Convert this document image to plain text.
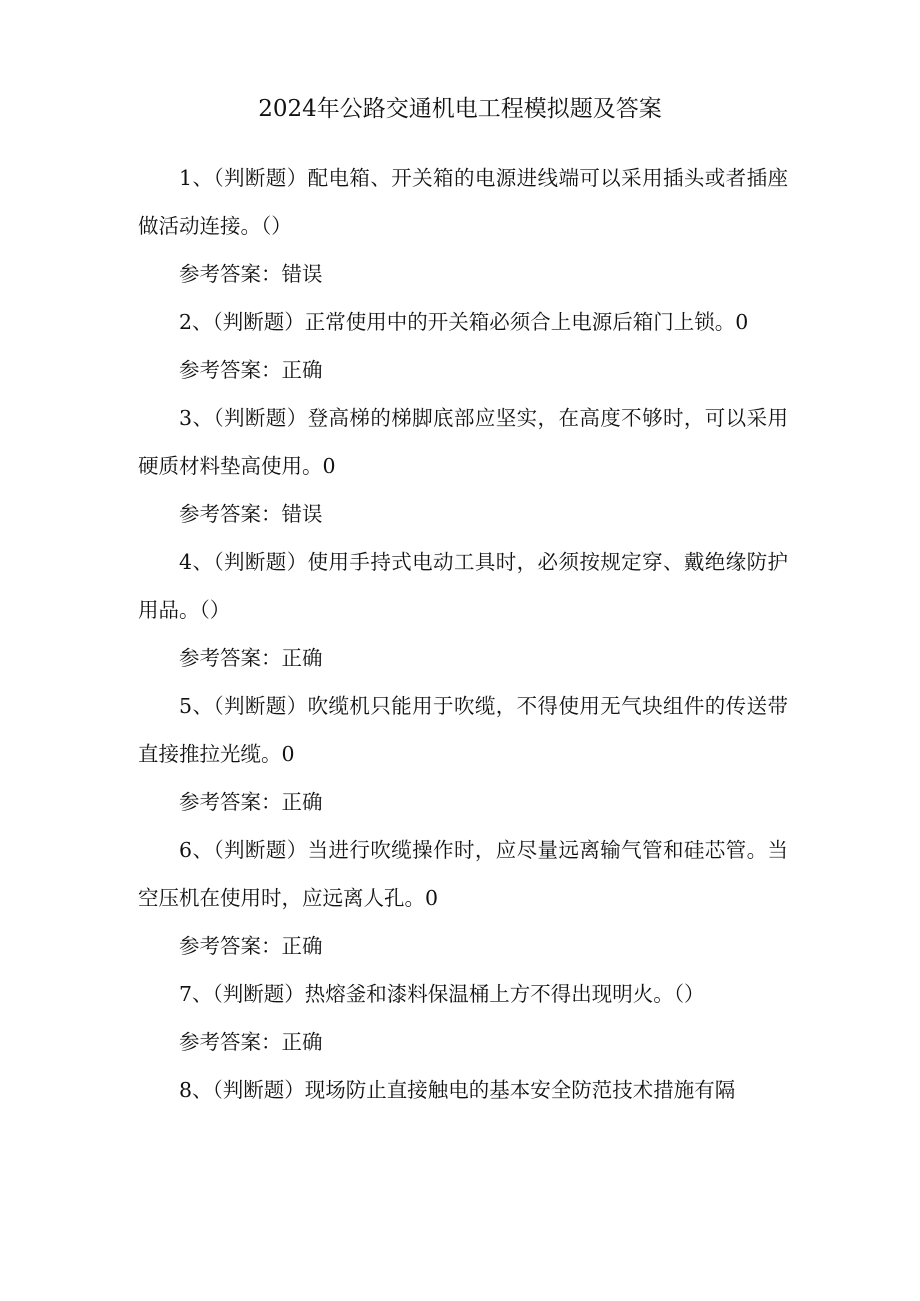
2024年公路交通机电工程模拟题及答案

1、（判断题）配电箱、开关箱的电源进线端可以采用插头或者插座做活动连接。（）

参考答案：错误

2、（判断题）正常使用中的开关箱必须合上电源后箱门上锁。0

参考答案：正确

3、（判断题）登高梯的梯脚底部应坚实，在高度不够时，可以采用硬质材料垫高使用。0

参考答案：错误

4、（判断题）使用手持式电动工具时，必须按规定穿、戴绝缘防护用品。（）

参考答案：正确

5、（判断题）吹缆机只能用于吹缆，不得使用无气块组件的传送带直接推拉光缆。0

参考答案：正确

6、（判断题）当进行吹缆操作时，应尽量远离输气管和硅芯管。当空压机在使用时，应远离人孔。0

参考答案：正确

7、（判断题）热熔釜和漆料保温桶上方不得出现明火。（）

参考答案：正确

8、（判断题）现场防止直接触电的基本安全防范技术措施有隔
